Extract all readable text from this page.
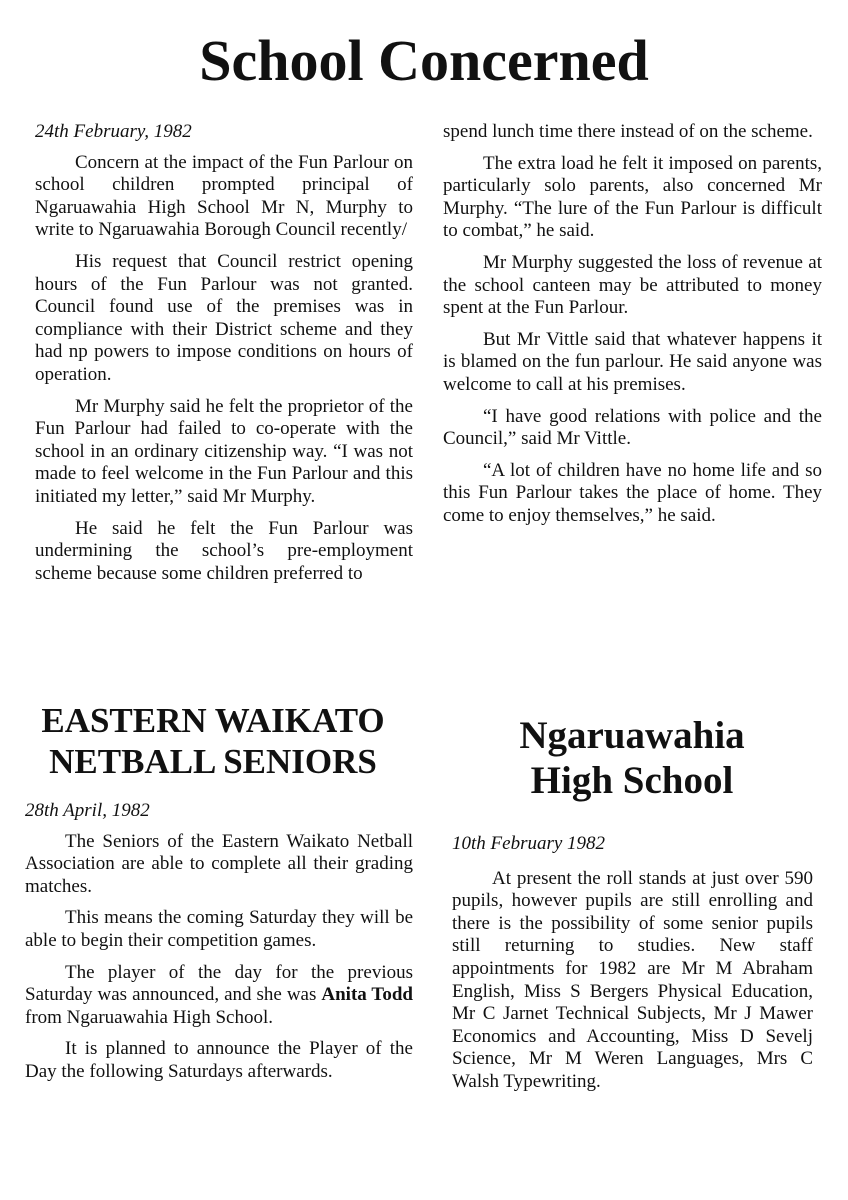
School Concerned
24th February, 1982

Concern at the impact of the Fun Parlour on school children prompted principal of Ngaruawahia High School Mr N, Murphy to write to Ngaruawahia Borough Council recently/

His request that Council restrict opening hours of the Fun Parlour was not granted. Council found use of the premises was in compliance with their District scheme and they had np powers to impose conditions on hours of operation.

Mr Murphy said he felt the proprietor of the Fun Parlour had failed to co-operate with the school in an ordinary citizenship way. “I was not made to feel welcome in the Fun Parlour and this initiated my letter,” said Mr Murphy.

He said he felt the Fun Parlour was undermining the school’s pre-employment scheme because some children preferred to

spend lunch time there instead of on the scheme.

The extra load he felt it imposed on parents, particularly solo parents, also concerned Mr Murphy. “The lure of the Fun Parlour is difficult to combat,” he said.

Mr Murphy suggested the loss of revenue at the school canteen may be attributed to money spent at the Fun Parlour.

But Mr Vittle said that whatever happens it is blamed on the fun parlour. He said anyone was welcome to call at his premises.

“I have good relations with police and the Council,” said Mr Vittle.

“A lot of children have no home life and so this Fun Parlour takes the place of home. They come to enjoy themselves,” he said.

EASTERN WAIKATO
NETBALL SENIORS
28th April, 1982

The Seniors of the Eastern Waikato Netball Association are able to complete all their grading matches.

This means the coming Saturday they will be able to begin their competition games.

The player of the day for the previous Saturday was announced, and she was Anita Todd from Ngaruawahia High School.

It is planned to announce the Player of the Day the following Saturdays afterwards.

Ngaruawahia
High School
10th February 1982

At present the roll stands at just over 590 pupils, however pupils are still enrolling and there is the possibility of some senior pupils still returning to studies. New staff appointments for 1982 are Mr M Abraham English, Miss S Bergers Physical Education, Mr C Jarnet Technical Subjects, Mr J Mawer Economics and Accounting, Miss D Sevelj Science, Mr M Weren Languages, Mrs C Walsh Typewriting.
